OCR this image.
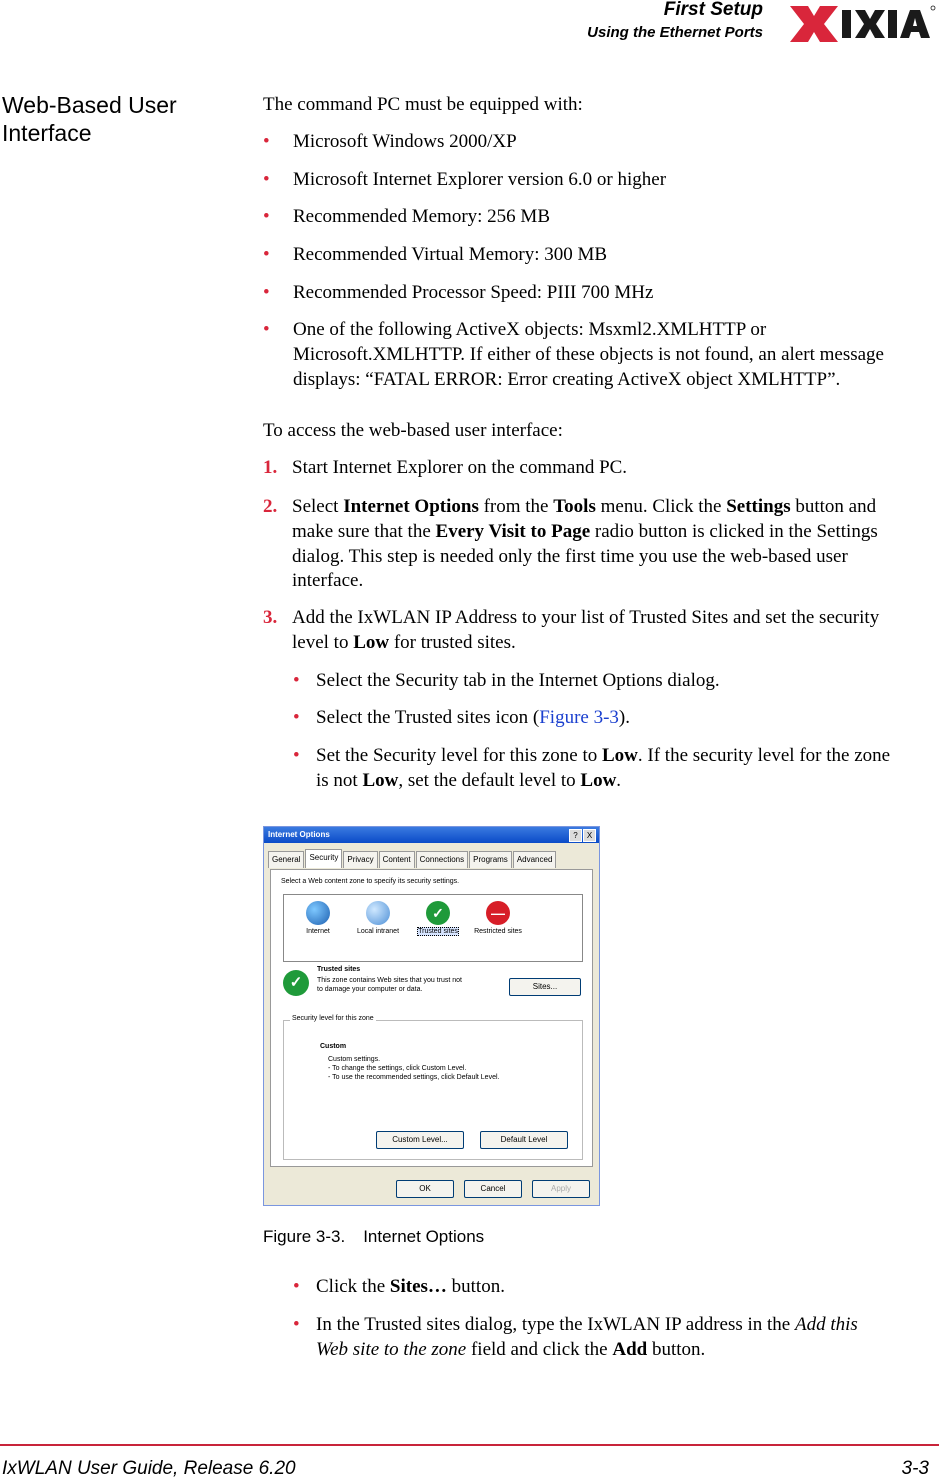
First Setup
Using the Ethernet Ports
Web-Based User Interface
The command PC must be equipped with:
• Microsoft Windows 2000/XP
• Microsoft Internet Explorer version 6.0 or higher
• Recommended Memory: 256 MB
• Recommended Virtual Memory: 300 MB
• Recommended Processor Speed: PIII 700 MHz
• One of the following ActiveX objects: Msxml2.XMLHTTP or
Microsoft.XMLHTTP. If either of these objects is not found, an alert message
displays: “FATAL ERROR: Error creating ActiveX object XMLHTTP”.
To access the web-based user interface:
1. Start Internet Explorer on the command PC.
2. Select Internet Options from the Tools menu. Click the Settings button and
make sure that the Every Visit to Page radio button is clicked in the Settings
dialog. This step is needed only the first time you use the web-based user
interface.
3. Add the IxWLAN IP Address to your list of Trusted Sites and set the security
level to Low for trusted sites.
• Select the Security tab in the Internet Options dialog.
• Select the Trusted sites icon (Figure 3-3).
• Set the Security level for this zone to Low. If the security level for the zone
is not Low, set the default level to Low.
Internet Options	?	X
General	Security	Privacy	Content	Connections	Programs	Advanced
Select a Web content zone to specify its security settings.
Internet	Local intranet
✓
Trusted sites
—
Restricted sites
✓
Trusted sites
This zone contains Web sites that you trust not to damage your computer or data.	Sites...
Security level for this zone
Custom
Custom settings.
- To change the settings, click Custom Level.
- To use the recommended settings, click Default Level.
Custom Level...	Default Level
OK	Cancel	Apply
Figure 3-3. Internet Options
• Click the Sites… button.
• In the Trusted sites dialog, type the IxWLAN IP address in the Add this
Web site to the zone field and click the Add button.
IxWLAN User Guide, Release 6.20	3-3
